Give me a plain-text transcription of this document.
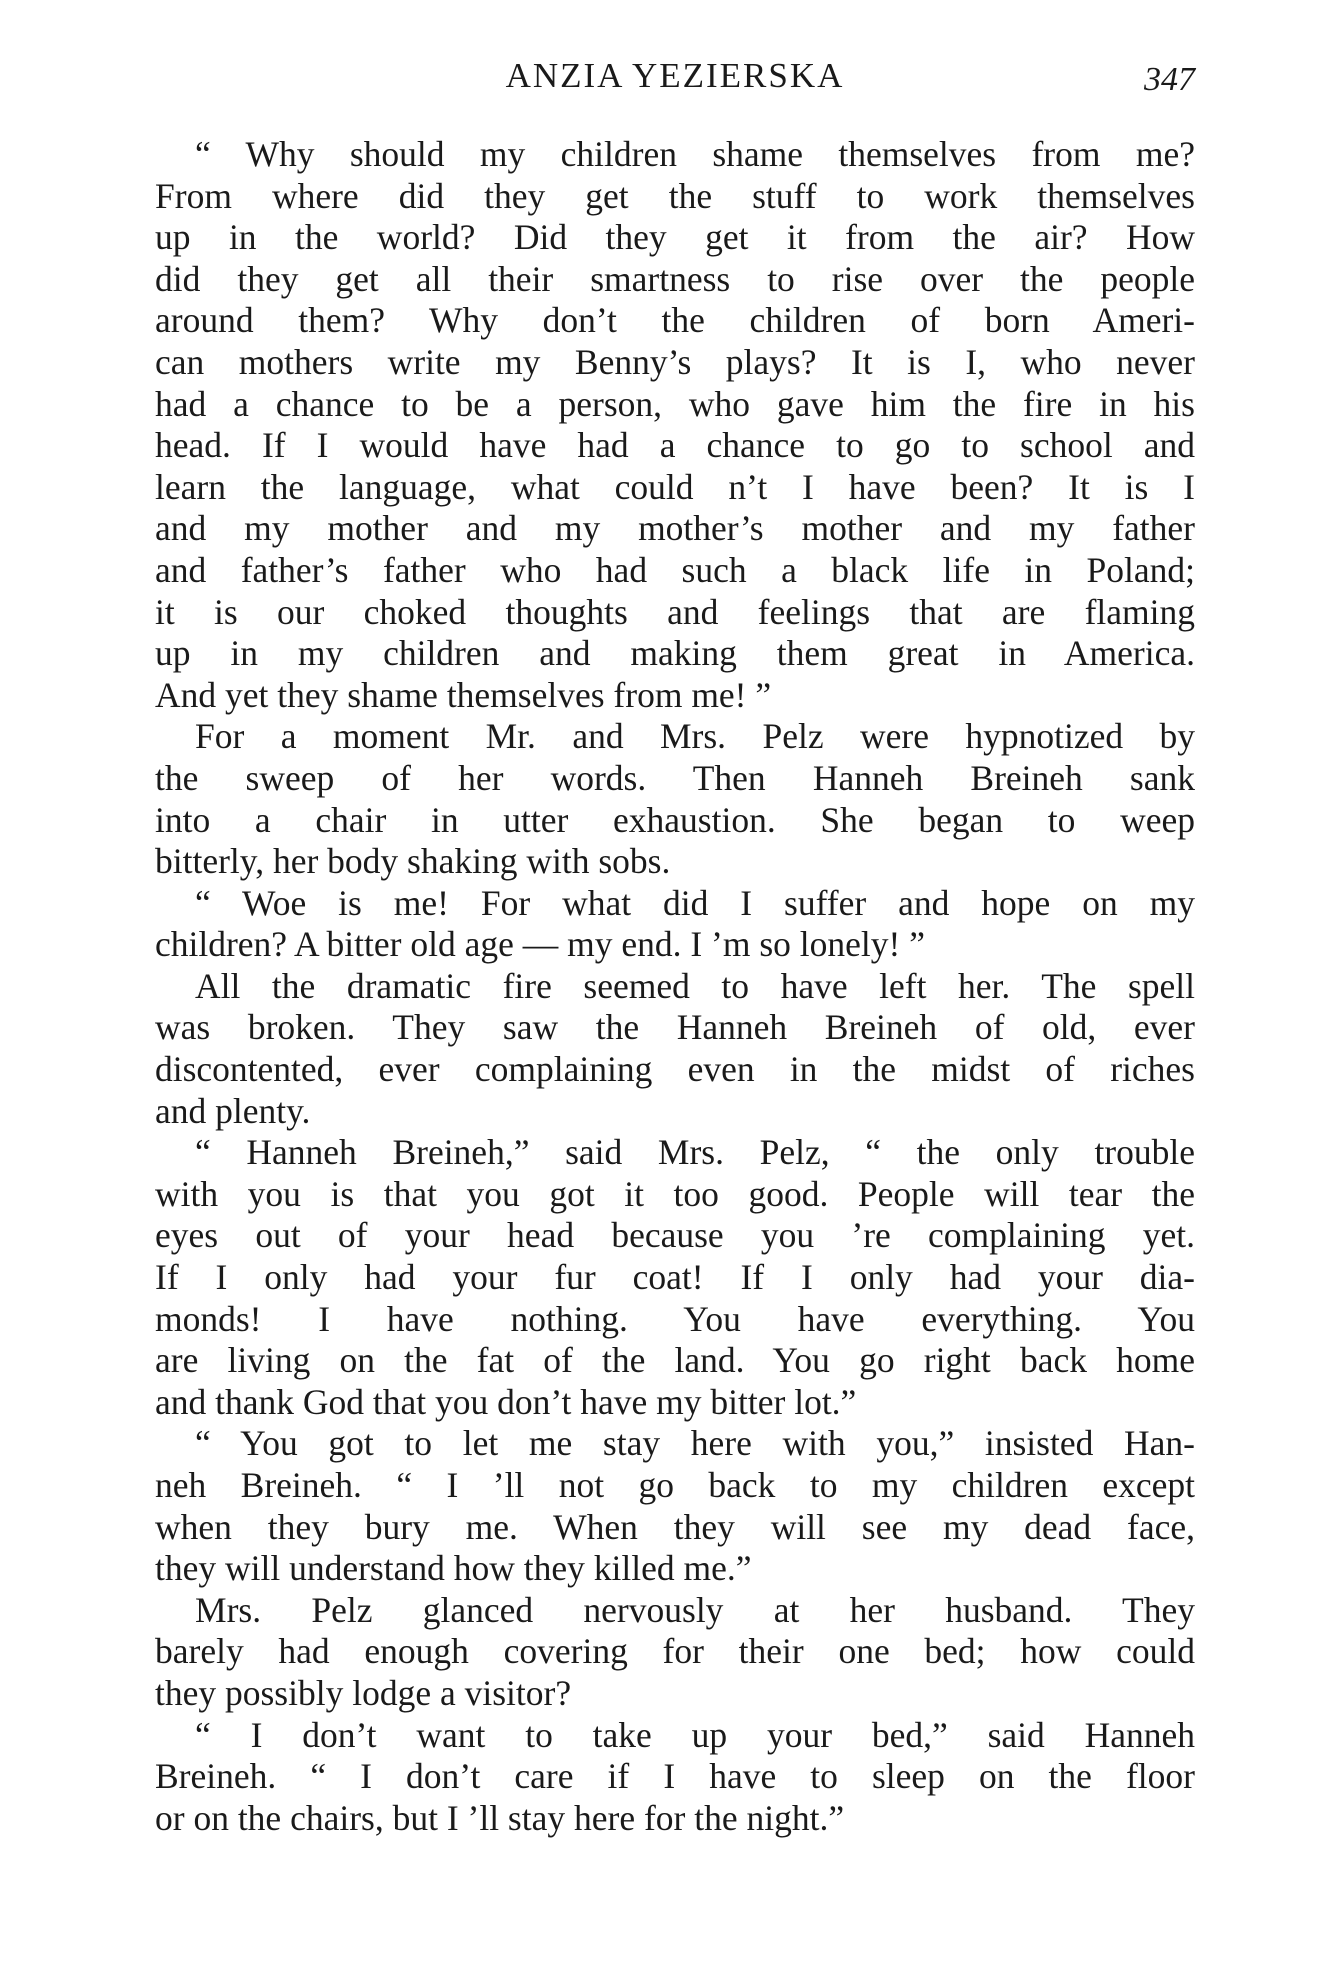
ANZIA YEZIERSKA	347
“ Why should my children shame themselves from me?
From where did they get the stuff to work themselves
up in the world? Did they get it from the air? How
did they get all their smartness to rise over the people
around them? Why don’t the children of born Ameri-
can mothers write my Benny’s plays? It is I, who never
had a chance to be a person, who gave him the fire in his
head. If I would have had a chance to go to school and
learn the language, what could n’t I have been? It is I
and my mother and my mother’s mother and my father
and father’s father who had such a black life in Poland;
it is our choked thoughts and feelings that are flaming
up in my children and making them great in America.
And yet they shame themselves from me! ”
For a moment Mr. and Mrs. Pelz were hypnotized by
the sweep of her words. Then Hanneh Breineh sank
into a chair in utter exhaustion. She began to weep
bitterly, her body shaking with sobs.
“ Woe is me! For what did I suffer and hope on my
children? A bitter old age — my end. I ’m so lonely! ”
All the dramatic fire seemed to have left her. The spell
was broken. They saw the Hanneh Breineh of old, ever
discontented, ever complaining even in the midst of riches
and plenty.
“ Hanneh Breineh,” said Mrs. Pelz, “ the only trouble
with you is that you got it too good. People will tear the
eyes out of your head because you ’re complaining yet.
If I only had your fur coat! If I only had your dia-
monds! I have nothing. You have everything. You
are living on the fat of the land. You go right back home
and thank God that you don’t have my bitter lot.”
“ You got to let me stay here with you,” insisted Han-
neh Breineh. “ I ’ll not go back to my children except
when they bury me. When they will see my dead face,
they will understand how they killed me.”
Mrs. Pelz glanced nervously at her husband. They
barely had enough covering for their one bed; how could
they possibly lodge a visitor?
“ I don’t want to take up your bed,” said Hanneh
Breineh. “ I don’t care if I have to sleep on the floor
or on the chairs, but I ’ll stay here for the night.”
